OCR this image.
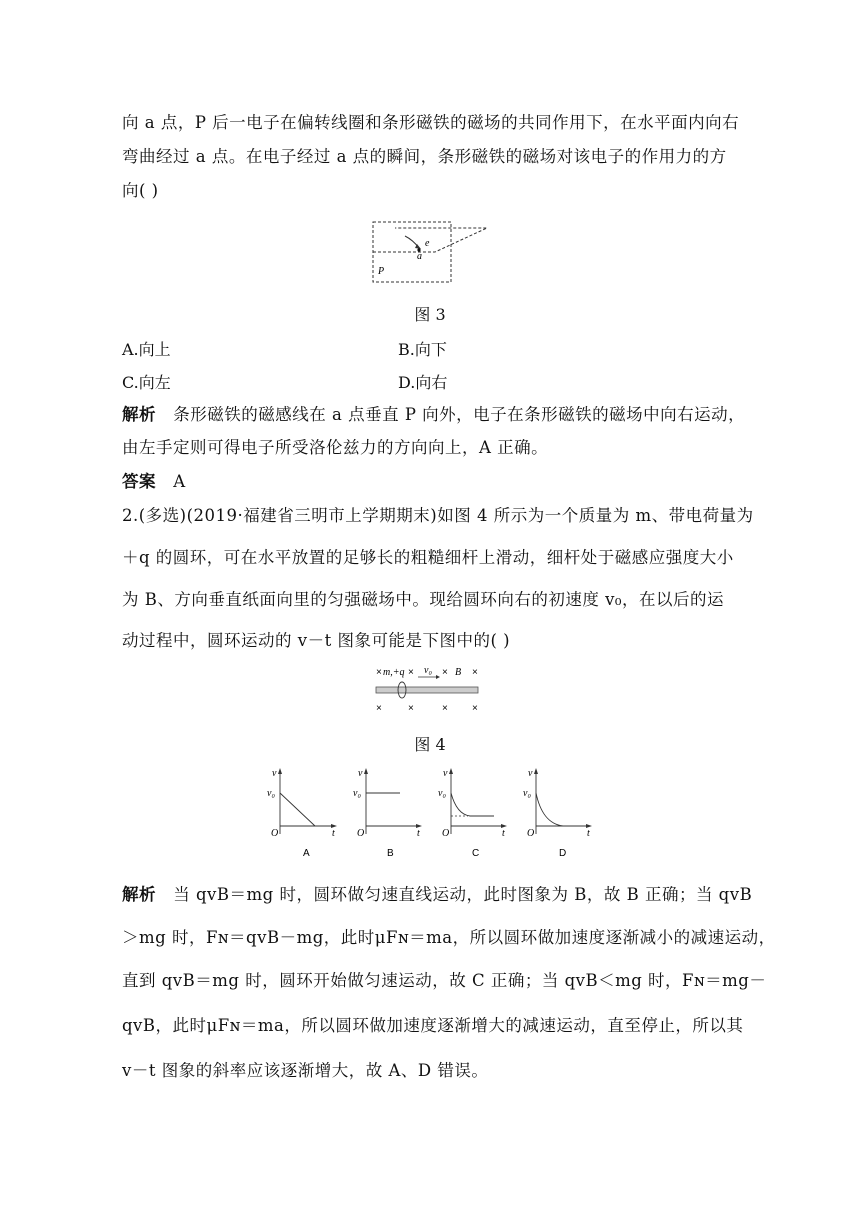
向 a 点，P 后一电子在偏转线圈和条形磁铁的磁场的共同作用下，在水平面内向右
弯曲经过 a 点。在电子经过 a 点的瞬间，条形磁铁的磁场对该电子的作用力的方
向( )
e
a
P
图 3
A.向上	B.向下
C.向左	D.向右
解析 条形磁铁的磁感线在 a 点垂直 P 向外，电子在条形磁铁的磁场中向右运动，
由左手定则可得电子所受洛伦兹力的方向向上，A 正确。
答案 A
2.(多选)(2019·福建省三明市上学期期末)如图 4 所示为一个质量为 m、带电荷量为
＋q 的圆环，可在水平放置的足够长的粗糙细杆上滑动，细杆处于磁感应强度大小
为 B、方向垂直纸面向里的匀强磁场中。现给圆环向右的初速度 v₀，在以后的运
动过程中，圆环运动的 v－t 图象可能是下图中的( )
× m,+q × v₀ × B ×
×	×	× ×
图 4
v
v₀
O	t
A
v
v₀
O	t
B
v
v₀
O	t
C
v
v₀
O	t
D
解析 当 qvB＝mg 时，圆环做匀速直线运动，此时图象为 B，故 B 正确；当 qvB
＞mg 时，Fɴ＝qvB－mg，此时μFɴ＝ma，所以圆环做加速度逐渐减小的减速运动，
直到 qvB＝mg 时，圆环开始做匀速运动，故 C 正确；当 qvB＜mg 时，Fɴ＝mg－
qvB，此时μFɴ＝ma，所以圆环做加速度逐渐增大的减速运动，直至停止，所以其
v－t 图象的斜率应该逐渐增大，故 A、D 错误。
